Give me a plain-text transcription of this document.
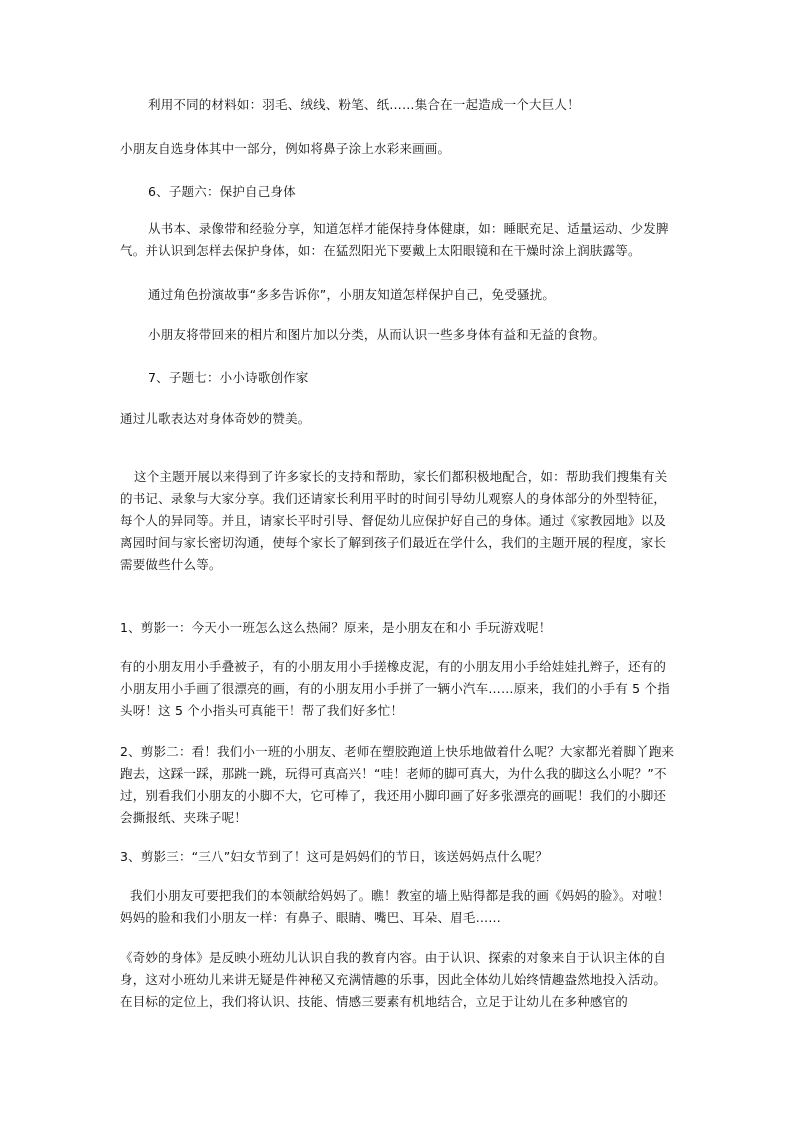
利用不同的材料如：羽毛、绒线、粉笔、纸……集合在一起造成一个大巨人！
小朋友自选身体其中一部分，例如将鼻子涂上水彩来画画。
6、子题六：保护自己身体
从书本、录像带和经验分享，知道怎样才能保持身体健康，如：睡眠充足、适量运动、少发脾气。并认识到怎样去保护身体，如：在猛烈阳光下要戴上太阳眼镜和在干燥时涂上润肤露等。
通过角色扮演故事“多多告诉你”，小朋友知道怎样保护自己，免受骚扰。
小朋友将带回来的相片和图片加以分类，从而认识一些多身体有益和无益的食物。
7、子题七：小小诗歌创作家
通过儿歌表达对身体奇妙的赞美。
这个主题开展以来得到了许多家长的支持和帮助，家长们都积极地配合，如：帮助我们搜集有关的书记、录象与大家分享。我们还请家长利用平时的时间引导幼儿观察人的身体部分的外型特征，每个人的异同等。并且，请家长平时引导、督促幼儿应保护好自己的身体。通过《家教园地》以及离园时间与家长密切沟通，使每个家长了解到孩子们最近在学什么，我们的主题开展的程度，家长需要做些什么等。
1、剪影一：今天小一班怎么这么热闹？原来，是小朋友在和小 手玩游戏呢！
有的小朋友用小手叠被子，有的小朋友用小手搓橡皮泥，有的小朋友用小手给娃娃扎辫子，还有的小朋友用小手画了很漂亮的画，有的小朋友用小手拼了一辆小汽车……原来，我们的小手有 5 个指头呀！这 5 个小指头可真能干！帮了我们好多忙！
2、剪影二：看！我们小一班的小朋友、老师在塑胶跑道上快乐地做着什么呢？大家都光着脚丫跑来跑去，这踩一踩，那跳一跳，玩得可真高兴！“哇！老师的脚可真大，为什么我的脚这么小呢？”不过，别看我们小朋友的小脚不大，它可棒了，我还用小脚印画了好多张漂亮的画呢！我们的小脚还会撕报纸、夹珠子呢！
3、剪影三：“三八”妇女节到了！这可是妈妈们的节日，该送妈妈点什么呢？
我们小朋友可要把我们的本领献给妈妈了。瞧！教室的墙上贴得都是我的画《妈妈的脸》。对啦！妈妈的脸和我们小朋友一样：有鼻子、眼睛、嘴巴、耳朵、眉毛……
《奇妙的身体》是反映小班幼儿认识自我的教育内容。由于认识、探索的对象来自于认识主体的自身，这对小班幼儿来讲无疑是件神秘又充满情趣的乐事，因此全体幼儿始终情趣盎然地投入活动。在目标的定位上，我们将认识、技能、情感三要素有机地结合，立足于让幼儿在多种感官的
